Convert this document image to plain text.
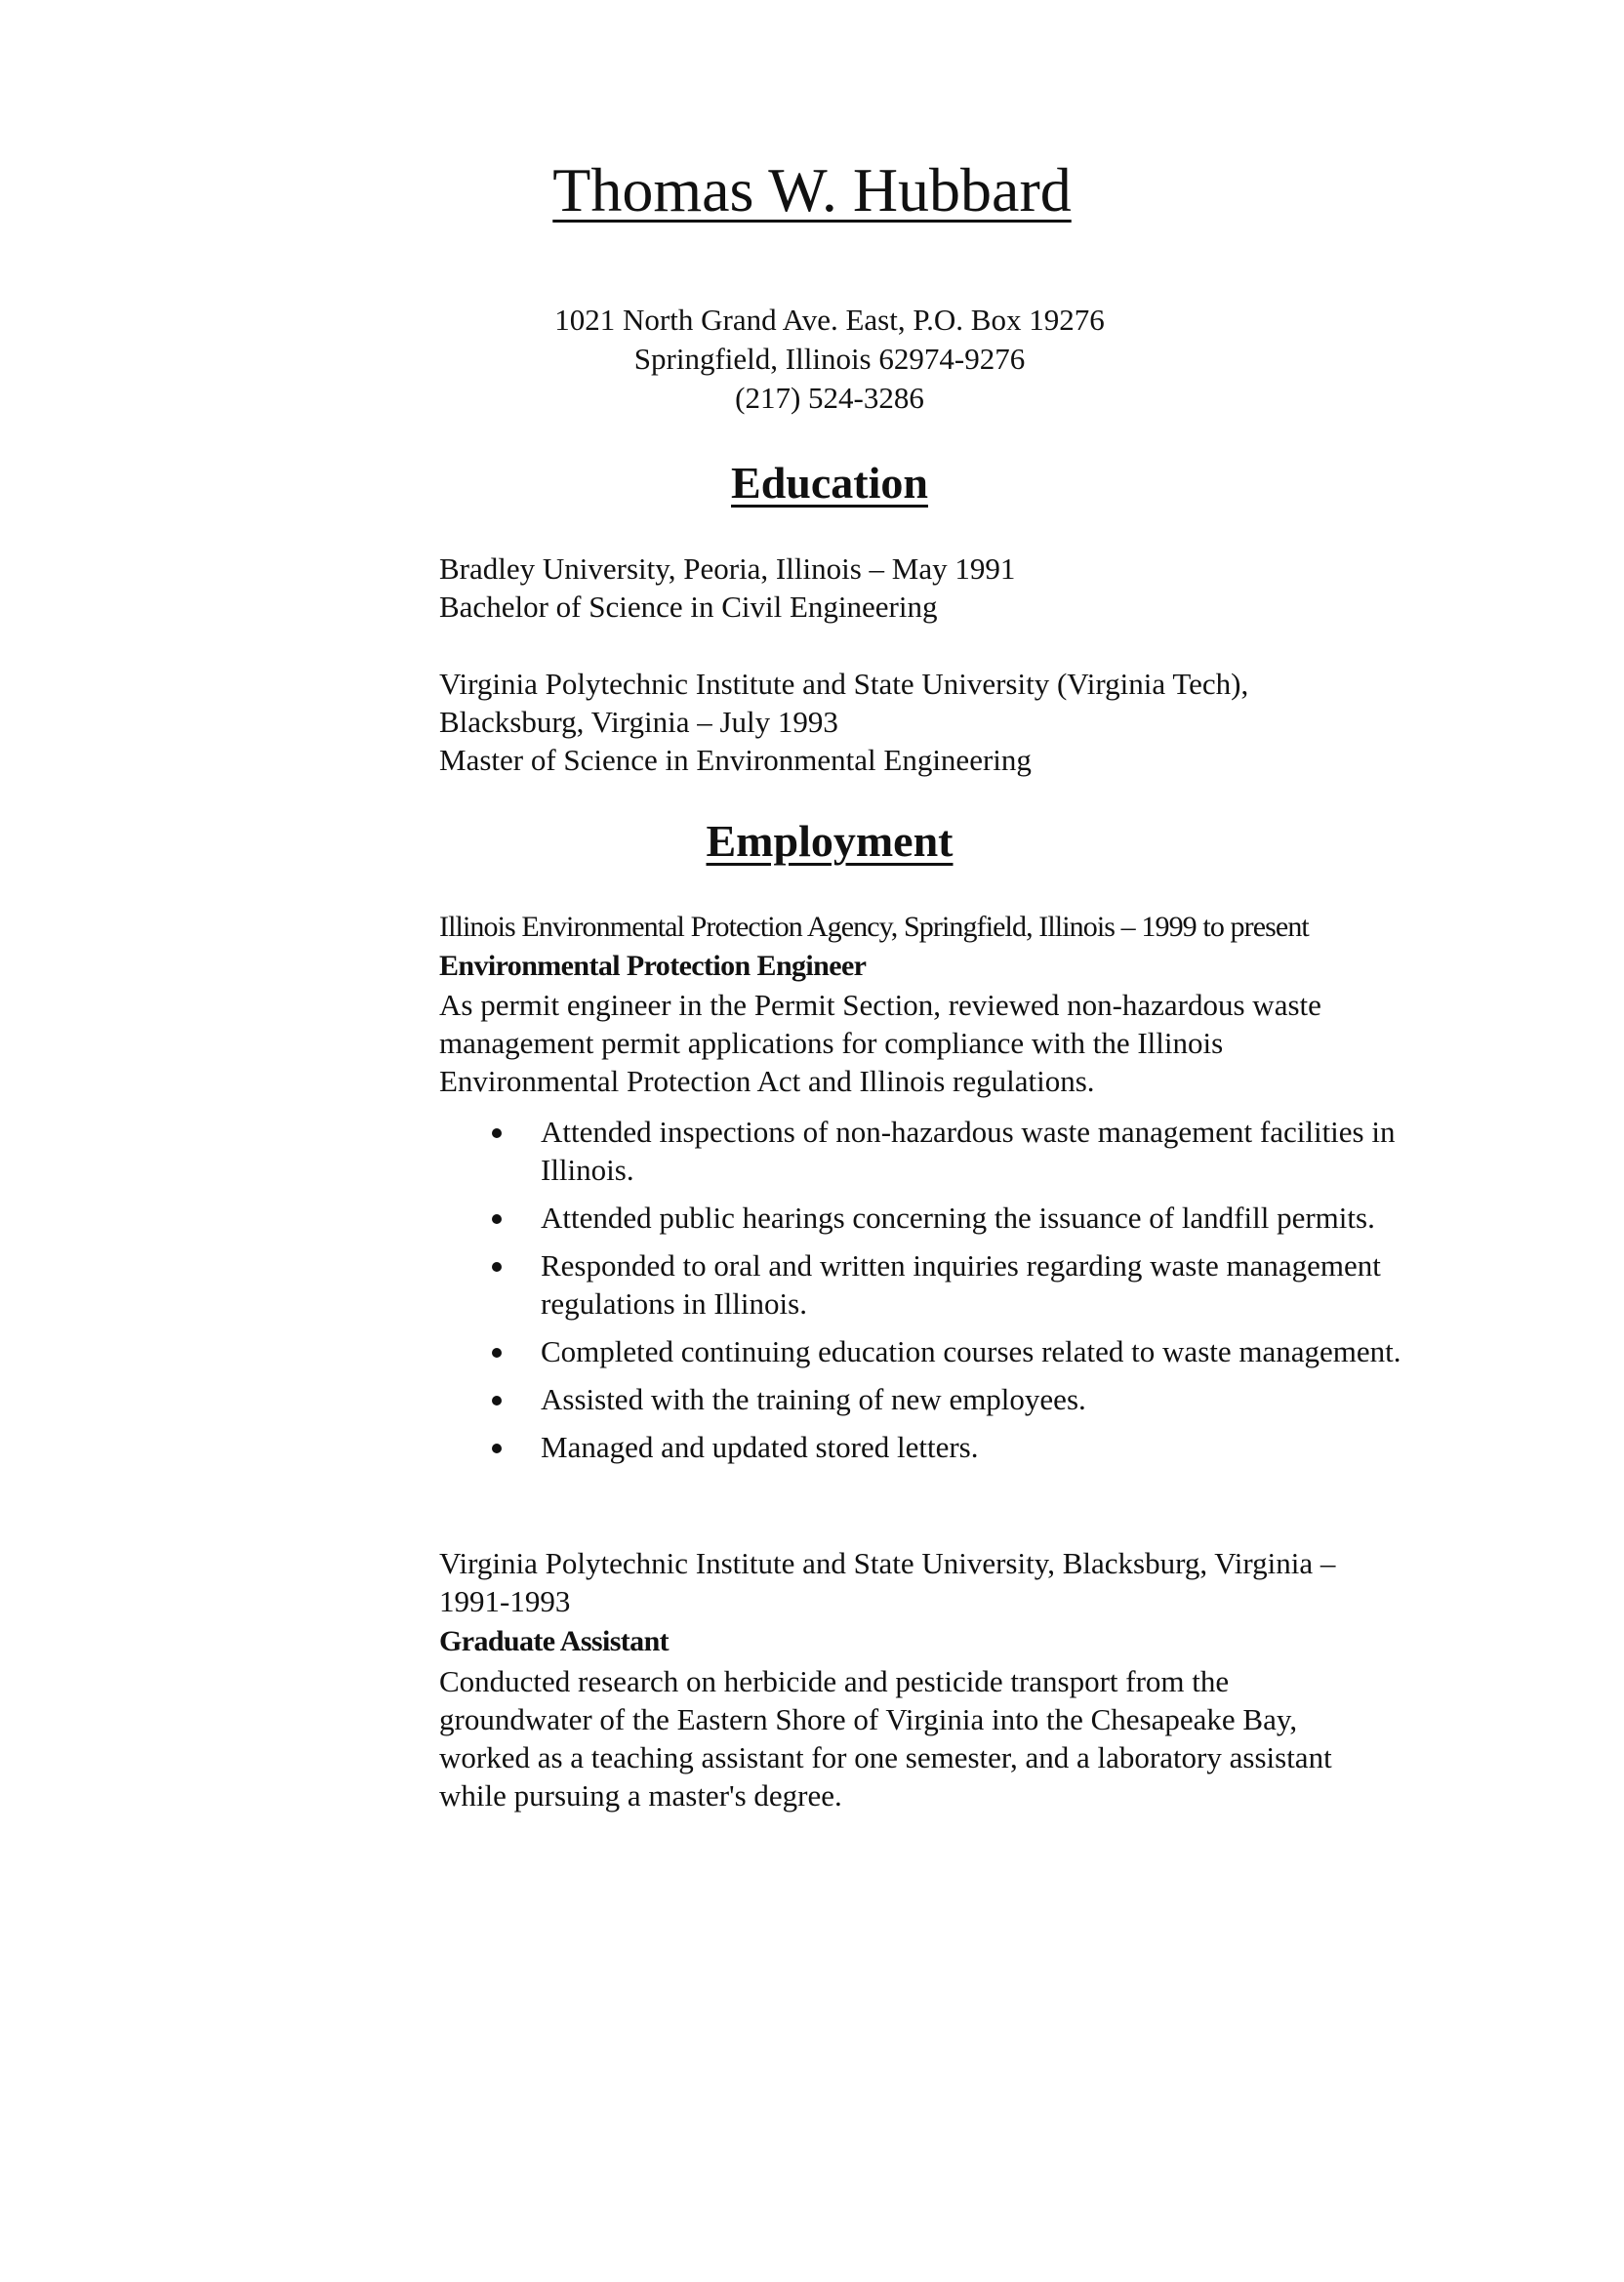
Thomas W. Hubbard
1021 North Grand Ave. East, P.O. Box 19276
Springfield, Illinois 62974-9276
(217) 524-3286
Education
Bradley University, Peoria, Illinois – May 1991
Bachelor of Science in Civil Engineering
Virginia Polytechnic Institute and State University (Virginia Tech),
Blacksburg, Virginia – July 1993
Master of Science in Environmental Engineering
Employment
Illinois Environmental Protection Agency, Springfield, Illinois – 1999 to present
Environmental Protection Engineer
As permit engineer in the Permit Section, reviewed non-hazardous waste
management permit applications for compliance with the Illinois
Environmental Protection Act and Illinois regulations.
Attended inspections of non-hazardous waste management facilities in
Illinois.
Attended public hearings concerning the issuance of landfill permits.
Responded to oral and written inquiries regarding waste management
regulations in Illinois.
Completed continuing education courses related to waste management.
Assisted with the training of new employees.
Managed and updated stored letters.
Virginia Polytechnic Institute and State University, Blacksburg, Virginia –
1991-1993
Graduate Assistant
Conducted research on herbicide and pesticide transport from the
groundwater of the Eastern Shore of Virginia into the Chesapeake Bay,
worked as a teaching assistant for one semester, and a laboratory assistant
while pursuing a master's degree.
